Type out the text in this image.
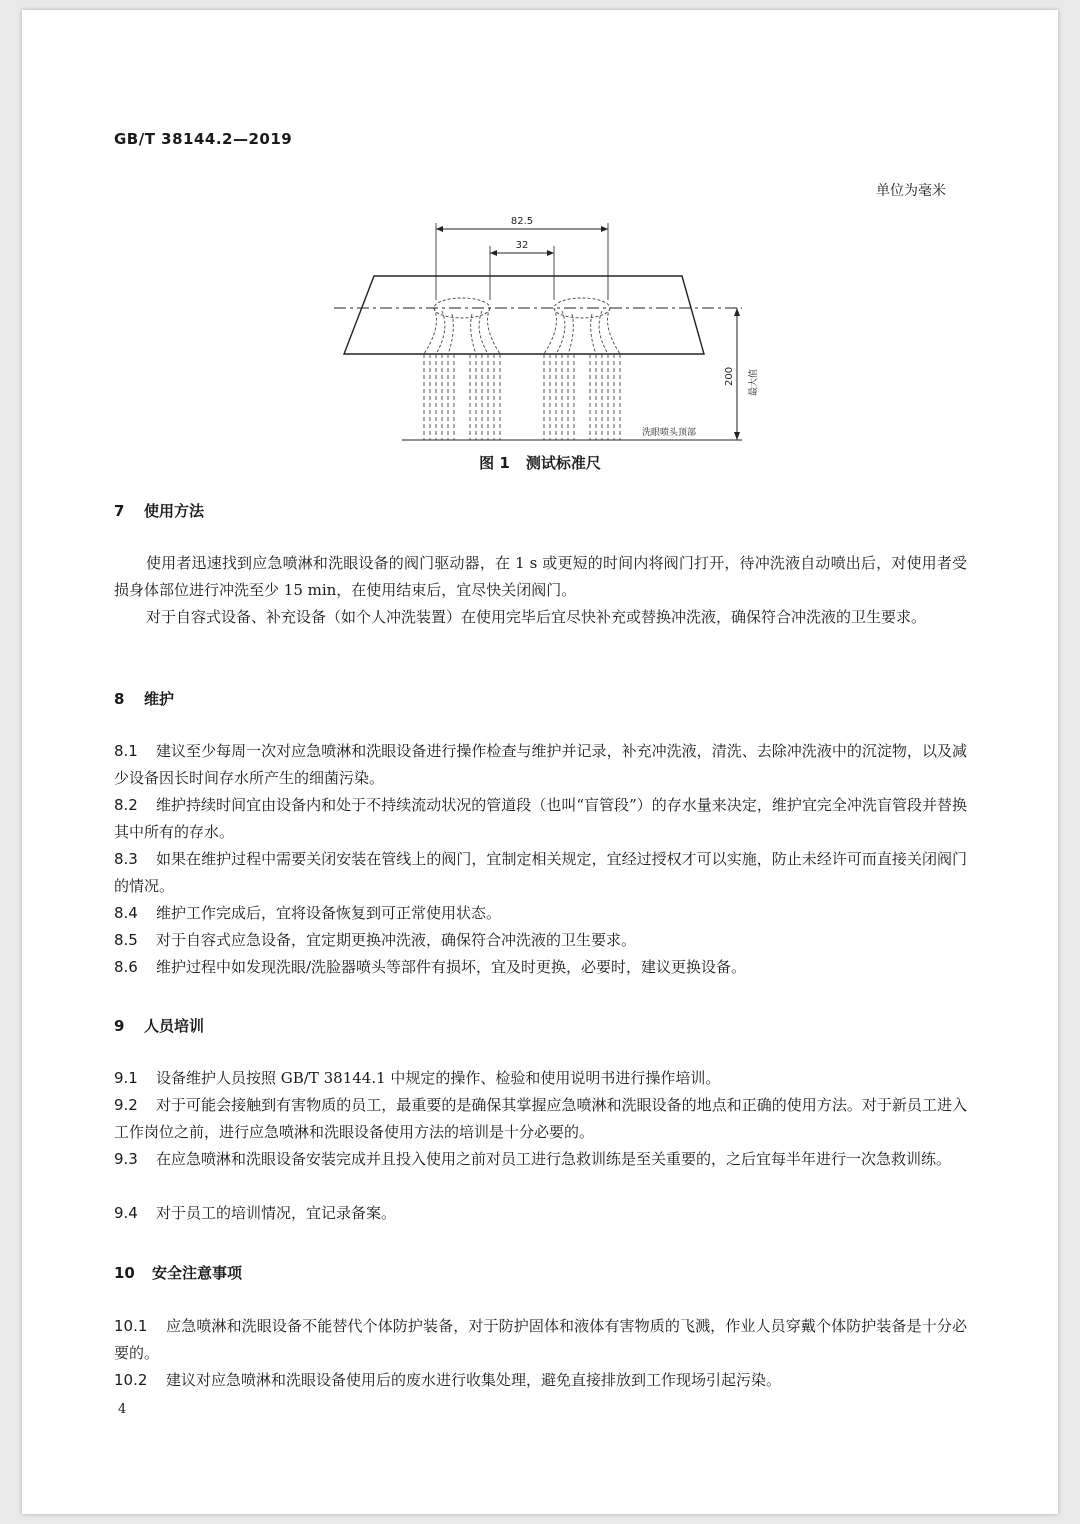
GB/T 38144.2—2019
单位为毫米
82.5
32
洗眼喷头顶部
200 最大值
图 1 测试标准尺
7 使用方法
使用者迅速找到应急喷淋和洗眼设备的阀门驱动器，在 1 s 或更短的时间内将阀门打开，待冲洗液自动喷出后，对使用者受损身体部位进行冲洗至少 15 min，在使用结束后，宜尽快关闭阀门。
对于自容式设备、补充设备（如个人冲洗装置）在使用完毕后宜尽快补充或替换冲洗液，确保符合冲洗液的卫生要求。
8 维护
8.1 建议至少每周一次对应急喷淋和洗眼设备进行操作检查与维护并记录，补充冲洗液，清洗、去除冲洗液中的沉淀物，以及减少设备因长时间存水所产生的细菌污染。
8.2 维护持续时间宜由设备内和处于不持续流动状况的管道段（也叫“盲管段”）的存水量来决定，维护宜完全冲洗盲管段并替换其中所有的存水。
8.3 如果在维护过程中需要关闭安装在管线上的阀门，宜制定相关规定，宜经过授权才可以实施，防止未经许可而直接关闭阀门的情况。
8.4 维护工作完成后，宜将设备恢复到可正常使用状态。
8.5 对于自容式应急设备，宜定期更换冲洗液，确保符合冲洗液的卫生要求。
8.6 维护过程中如发现洗眼/洗脸器喷头等部件有损坏，宜及时更换，必要时，建议更换设备。
9 人员培训
9.1 设备维护人员按照 GB/T 38144.1 中规定的操作、检验和使用说明书进行操作培训。
9.2 对于可能会接触到有害物质的员工，最重要的是确保其掌握应急喷淋和洗眼设备的地点和正确的使用方法。对于新员工进入工作岗位之前，进行应急喷淋和洗眼设备使用方法的培训是十分必要的。
9.3 在应急喷淋和洗眼设备安装完成并且投入使用之前对员工进行急救训练是至关重要的，之后宜每半年进行一次急救训练。
9.4 对于员工的培训情况，宜记录备案。
10 安全注意事项
10.1 应急喷淋和洗眼设备不能替代个体防护装备，对于防护固体和液体有害物质的飞溅，作业人员穿戴个体防护装备是十分必要的。
10.2 建议对应急喷淋和洗眼设备使用后的废水进行收集处理，避免直接排放到工作现场引起污染。
4
